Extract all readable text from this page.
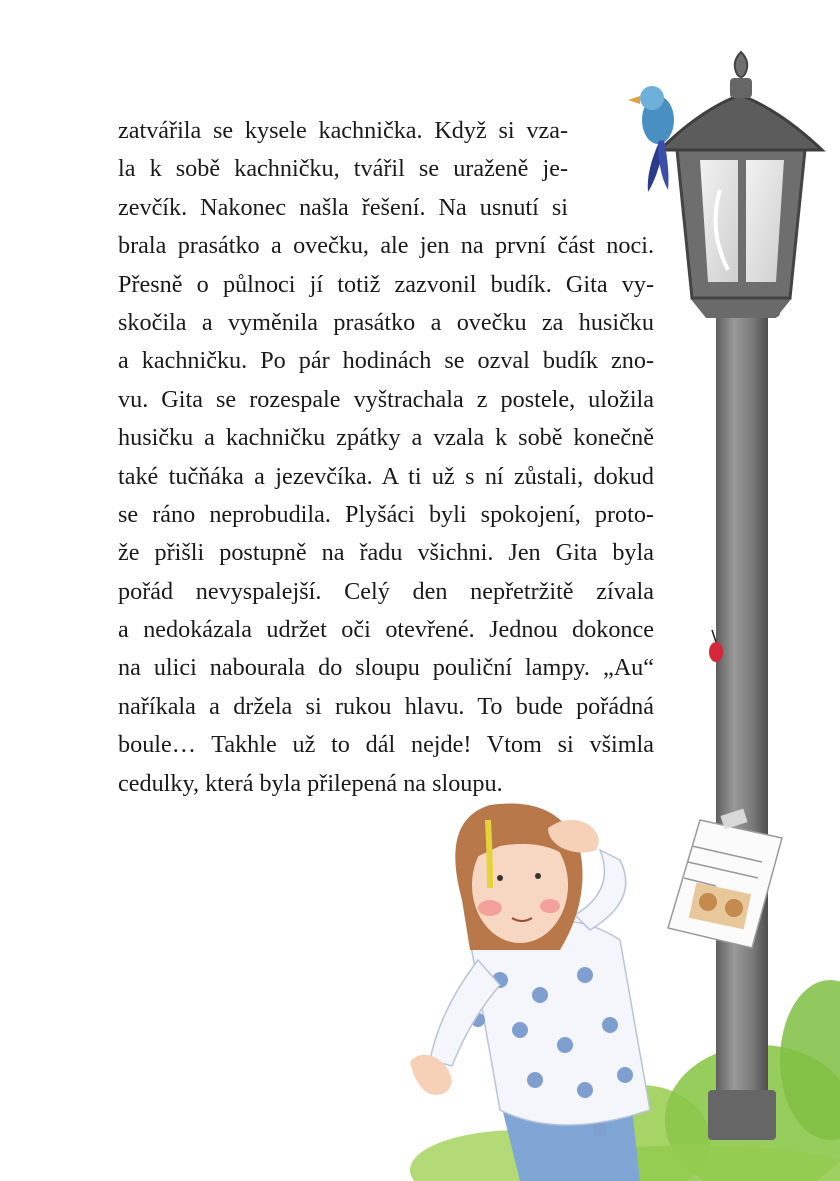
zatvářila se kysele kachnička. Když si vza-
la k sobě kachničku, tvářil se uraženě je-
zevčík. Nakonec našla řešení. Na usnutí si
brala prasátko a ovečku, ale jen na první část noci.
Přesně o půlnoci jí totiž zazvonil budík. Gita vy-
skočila a vyměnila prasátko a ovečku za husičku
a kachničku. Po pár hodinách se ozval budík zno-
vu. Gita se rozespale vyštrachala z postele, uložila
husičku a kachničku zpátky a vzala k sobě konečně
také tučňáka a jezevčíka. A ti už s ní zůstali, dokud
se ráno neprobudila. Plyšáci byli spokojení, proto-
že přišli postupně na řadu všichni. Jen Gita byla
pořád nevyspalejší. Celý den nepřetržitě zívala
a nedokázala udržet oči otevřené. Jednou dokonce
na ulici nabourala do sloupu pouliční lampy. „Au“
naříkala a držela si rukou hlavu. To bude pořádná
boule… Takhle už to dál nejde! Vtom si všimla
cedulky, která byla přilepená na sloupu.
